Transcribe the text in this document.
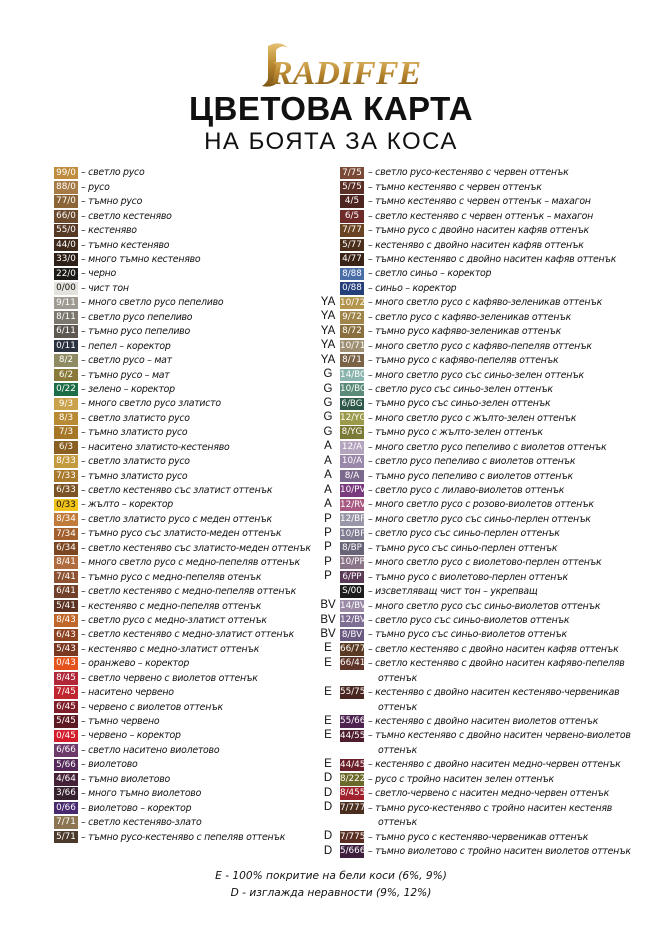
RADIFFE
ЦВЕТОВА КАРТА
НА БОЯТА ЗА КОСА
99/0 – светло русо
88/0 – русо
77/0 – тъмно русо
66/0 – светло кестеняво
55/0 – кестеняво
44/0 – тъмно кестеняво
33/0 – много тъмно кестеняво
22/0 – черно
0/00 – чист тон
9/11 – много светло русо пепеливо
8/11 – светло русо пепеливо
6/11 – тъмно русо пепеливо
0/11 – пепел – коректор
8/2 – светло русо – мат
6/2 – тъмно русо – мат
0/22 – зелено – коректор
9/3 – много светло русо златисто
8/3 – светло златисто русо
7/3 – тъмно златисто русо
6/3 – наситено златисто-кестеняво
8/33 – светло златисто русо
7/33 – тъмно златисто русо
6/33 – светло кестеняво със златист оттенък
0/33 – жълто – коректор
8/34 – светло златисто русо с меден оттенък
7/34 – тъмно русо със златисто-меден оттенък
6/34 – светло кестеняво със златисто-меден оттенък
8/41 – много светло русо с медно-пепеляв оттенък
7/41 – тъмно русо с медно-пепеляв отенък
6/41 – светло кестеняво с медно-пепеляв оттенък
5/41 – кестеняво с медно-пепеляв оттенък
8/43 – светло русо с медно-златист оттенък
6/43 – светло кестеняво с медно-златист оттенък
5/43 – кестеняво с медно-златист оттенък
0/43 – оранжево – коректор
8/45 – светло червено с виолетов оттенък
7/45 – наситено червено
6/45 – червено с виолетов оттенък
5/45 – тъмно червено
0/45 – червено – коректор
6/66 – светло наситено виолетово
5/66 – виолетово
4/64 – тъмно виолетово
3/66 – много тъмно виолетово
0/66 – виолетово – коректор
7/71 – светло кестеняво-злато
5/71 – тъмно русо-кестеняво с пепеляв оттенък
7/75 – светло русо-кестеняво с червен оттенък
5/75 – тъмно кестеняво с червен оттенък
4/5 – тъмно кестеняво с червен оттенък – махагон
6/5 – светло кестеняво с червен оттенък – махагон
7/77 – тъмно русо с двойно наситен кафяв оттенък
5/77 – кестеняво с двойно наситен кафяв оттенък
4/77 – тъмно кестеняво с двойно наситен кафяв оттенък
8/88 – светло синьо – коректор
0/88 – синьо – коректор
YA 10/72 – много светло русо с кафяво-зеленикав оттенък
YA 9/72 – светло русо с кафяво-зеленикав оттенък
YA 8/72 – тъмно русо кафяво-зеленикав оттенък
YA 10/71 – много светло русо с кафяво-пепеляв оттенък
YA 8/71 – тъмно русо с кафяво-пепеляв оттенък
G 14/BG – много светло русо със синьо-зелен оттенък
G 10/BG – светло русо със синьо-зелен оттенък
G	6/BG – тъмно русо със синьо-зелен оттенък
G 12/YG – много светло русо с жълто-зелен оттенък
G	8/YG – тъмно русо с жълто-зелен оттенък
A	12/A – много светло русо пепеливо с виолетов оттенък
A	10/A – светло русо пепеливо с виолетов оттенък
A	8/A – тъмно русо пепеливо с виолетов оттенък
A 10/PV – светло русо с лилаво-виолетов оттенък
A 12/RV – много светло русо с розово-виолетов оттенък
P 12/BP – много светло русо със синьо-перлен оттенък
P 10/BP – светло русо със синьо-перлен оттенък
P	8/BP – тъмно русо със синьо-перлен оттенък
P 10/PP – много светло русо с виолетово-перлен оттенък
P	6/PP – тъмно русо с виолетово-перлен оттенък
S/00 – изсветляващ чист тон – укрепващ
BV 14/BV – много светло русо със синьо-виолетов оттенък
BV 12/BV – светло русо със синьо-виолетов оттенък
BV 8/BV – тъмно русо със синьо-виолетов оттенък
E 66/77 – светло кестеняво с двойно наситен кафяв оттенък
E 66/41 – светло кестеняво с двойно наситен кафяво-пепеляв
оттенък
E 55/75 – кестеняво с двойно наситен кестеняво-червеникав
оттенък
E 55/66 – кестеняво с двойно наситен виолетов оттенък
E 44/55 – тъмно кестеняво с двойно наситен червено-виолетов
оттенък
E 44/45 – кестеняво с двойно наситен медно-червен оттенък
D 8/222 – русо с тройно наситен зелен оттенък
D 8/455 – светло-червено с наситен медно-червен оттенък
D 7/777 – тъмно русо-кестеняво с тройно наситен кестеняв
оттенък
D 7/775 – тъмно русо с кестеняво-червеникав оттенък
D 5/666 – тъмно виолетово с тройно наситен виолетов оттенък
E - 100% покритие на бели коси (6%, 9%)
D - изглажда неравности (9%, 12%)
